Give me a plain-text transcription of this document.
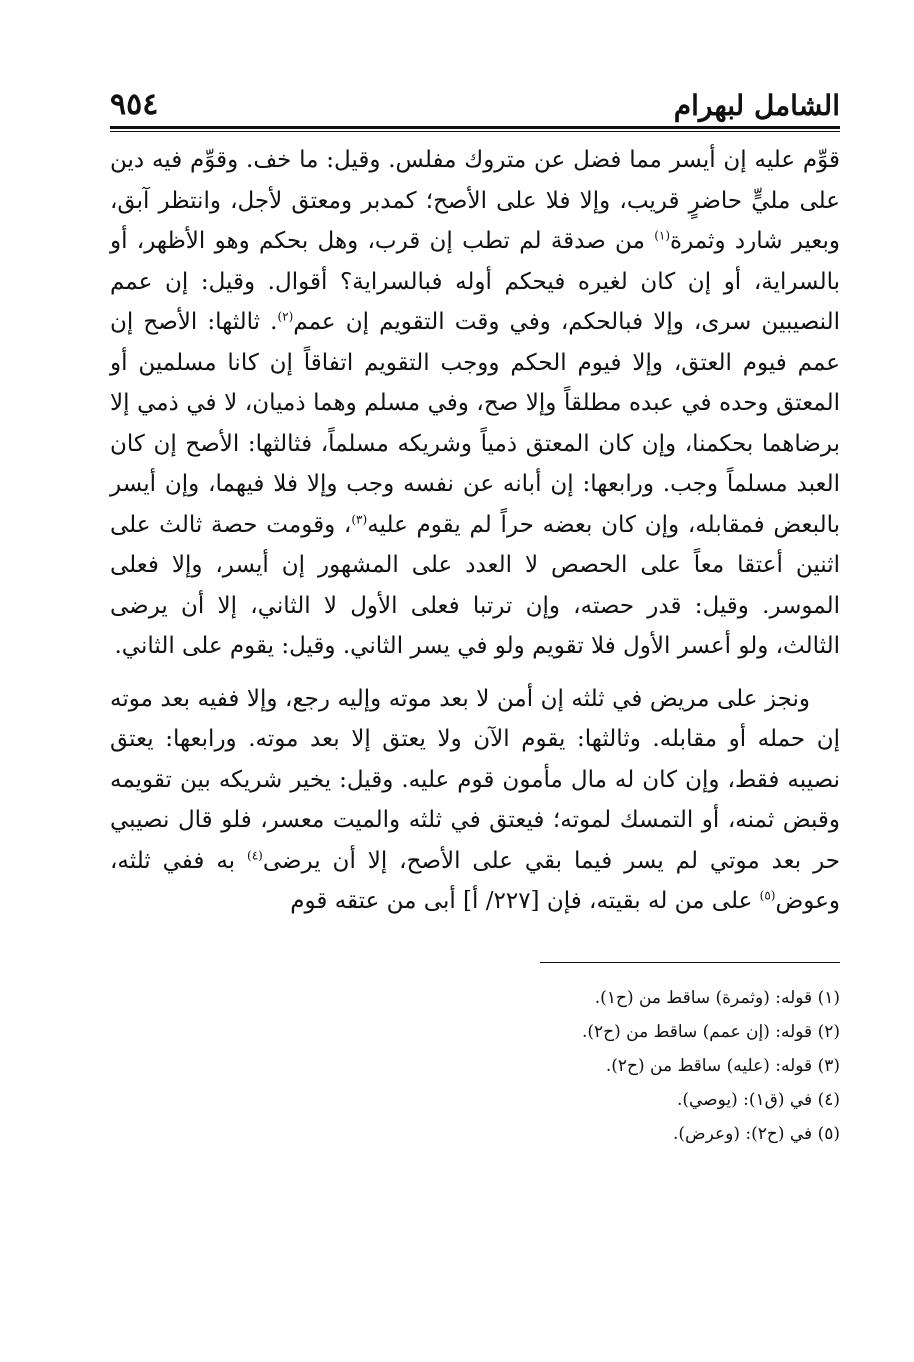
الشامل لبهرام
٩٥٤

قوِّم عليه إن أيسر مما فضل عن متروك مفلس. وقيل: ما خف. وقوِّم فيه دين على مليٍّ حاضرٍ قريب، وإلا فلا على الأصح؛ كمدبر ومعتق لأجل، وانتظر آبق، وبعير شارد وثمرة$^{(١)}$ من صدقة لم تطب إن قرب، وهل بحكم وهو الأظهر، أو بالسراية، أو إن كان لغيره فيحكم أوله فبالسراية؟ أقوال. وقيل: إن عمم النصيبين سرى، وإلا فبالحكم، وفي وقت التقويم إن عمم$^{(٢)}$. ثالثها: الأصح إن عمم فيوم العتق، وإلا فيوم الحكم ووجب التقويم اتفاقاً إن كانا مسلمين أو المعتق وحده في عبده مطلقاً وإلا صح، وفي مسلم وهما ذميان، لا في ذمي إلا برضاهما بحكمنا، وإن كان المعتق ذمياً وشريكه مسلماً، فثالثها: الأصح إن كان العبد مسلماً وجب. ورابعها: إن أبانه عن نفسه وجب وإلا فلا فيهما، وإن أيسر بالبعض فمقابله، وإن كان بعضه حراً لم يقوم عليه$^{(٣)}$، وقومت حصة ثالث على اثنين أعتقا معاً على الحصص لا العدد على المشهور إن أيسر، وإلا فعلى الموسر. وقيل: قدر حصته، وإن ترتبا فعلى الأول لا الثاني، إلا أن يرضى الثالث، ولو أعسر الأول فلا تقويم ولو في يسر الثاني. وقيل: يقوم على الثاني.

ونجز على مريض في ثلثه إن أمن لا بعد موته وإليه رجع، وإلا ففيه بعد موته إن حمله أو مقابله. وثالثها: يقوم الآن ولا يعتق إلا بعد موته. ورابعها: يعتق نصيبه فقط، وإن كان له مال مأمون قوم عليه. وقيل: يخير شريكه بين تقويمه وقبض ثمنه، أو التمسك لموته؛ فيعتق في ثلثه والميت معسر، فلو قال نصيبي حر بعد موتي لم يسر فيما بقي على الأصح، إلا أن يرضى$^{(٤)}$ به ففي ثلثه، وعوض$^{(٥)}$ على من له بقيته، فإن [٢٢٧/ أ] أبى من عتقه قوم

(١) قوله: (وثمرة) ساقط من (ح١).

(٢) قوله: (إن عمم) ساقط من (ح٢).

(٣) قوله: (عليه) ساقط من (ح٢).

(٤) في (ق١): (يوصي).

(٥) في (ح٢): (وعرض).
